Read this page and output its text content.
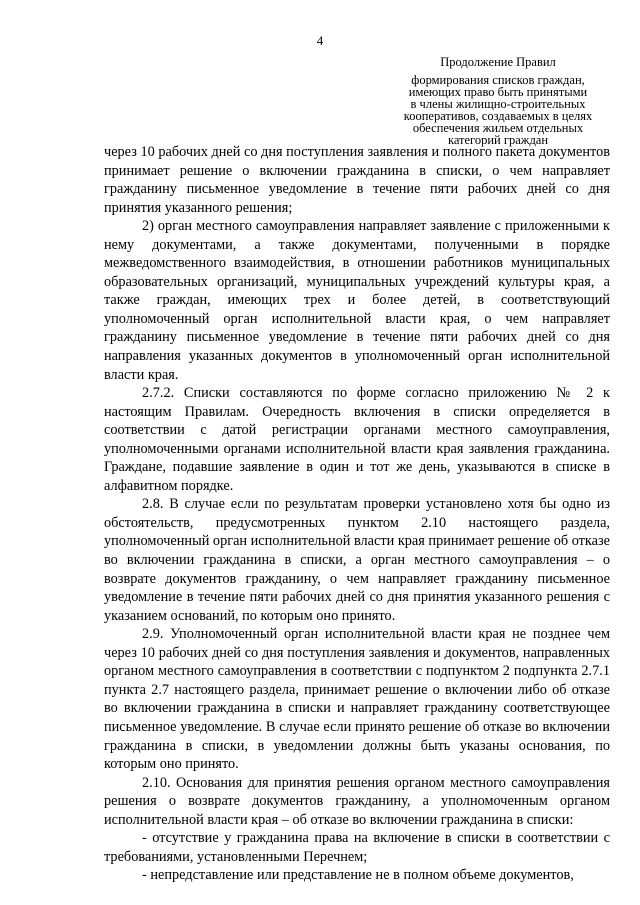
4
Продолжение Правил
формирования списков граждан,
имеющих право быть принятыми
в члены жилищно-строительных
кооперативов, создаваемых в целях
обеспечения жильем отдельных
категорий граждан

через 10 рабочих дней со дня поступления заявления и полного пакета документов принимает решение о включении гражданина в списки, о чем направляет гражданину письменное уведомление в течение пяти рабочих дней со дня принятия указанного решения;

2) орган местного самоуправления направляет заявление с приложенными к нему документами, а также документами, полученными в порядке межведомственного взаимодействия, в отношении работников муниципальных образовательных организаций, муниципальных учреждений культуры края, а также граждан, имеющих трех и более детей, в соответствующий уполномоченный орган исполнительной власти края, о чем направляет гражданину письменное уведомление в течение пяти рабочих дней со дня направления указанных документов в уполномоченный орган исполнительной власти края.

2.7.2. Списки составляются по форме согласно приложению № 2 к настоящим Правилам. Очередность включения в списки определяется в соответствии с датой регистрации органами местного самоуправления, уполномоченными органами исполнительной власти края заявления гражданина. Граждане, подавшие заявление в один и тот же день, указываются в списке в алфавитном порядке.

2.8. В случае если по результатам проверки установлено хотя бы одно из обстоятельств, предусмотренных пунктом 2.10 настоящего раздела, уполномоченный орган исполнительной власти края принимает решение об отказе во включении гражданина в списки, а орган местного самоуправления – о возврате документов гражданину, о чем направляет гражданину письменное уведомление в течение пяти рабочих дней со дня принятия указанного решения с указанием оснований, по которым оно принято.

2.9. Уполномоченный орган исполнительной власти края не позднее чем через 10 рабочих дней со дня поступления заявления и документов, направленных органом местного самоуправления в соответствии с подпунктом 2 подпункта 2.7.1 пункта 2.7 настоящего раздела, принимает решение о включении либо об отказе во включении гражданина в списки и направляет гражданину соответствующее письменное уведомление. В случае если принято решение об отказе во включении гражданина в списки, в уведомлении должны быть указаны основания, по которым оно принято.

2.10. Основания для принятия решения органом местного самоуправления решения о возврате документов гражданину, а уполномоченным органом исполнительной власти края – об отказе во включении гражданина в списки:

- отсутствие у гражданина права на включение в списки в соответствии с требованиями, установленными Перечнем;

- непредставление или представление не в полном объеме документов,
